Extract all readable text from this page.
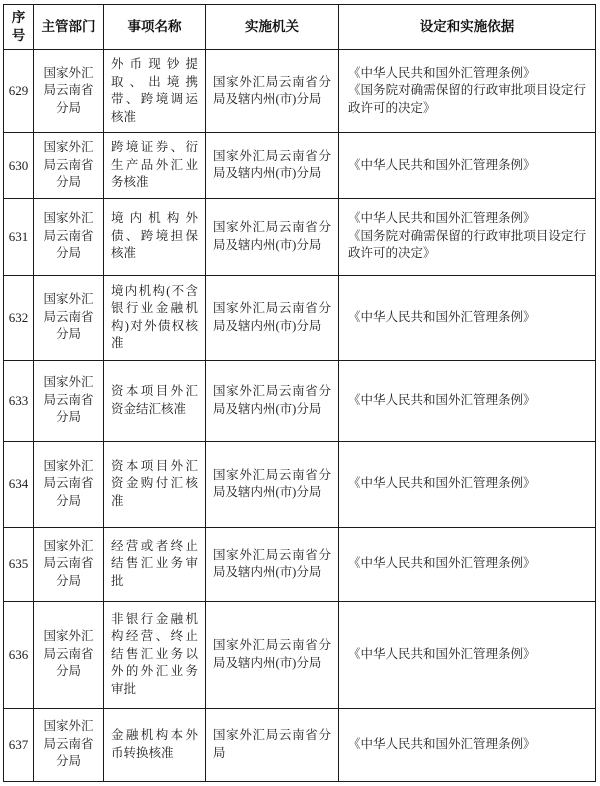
序号	主管部门	事项名称	实施机关	设定和实施依据
629	国家外汇局云南省分局	外币现钞提取、出境携带、跨境调运核准	国家外汇局云南省分局及辖内州(市)分局	《中华人民共和国外汇管理条例》
《国务院对确需保留的行政审批项目设定行政许可的决定》

630	国家外汇局云南省分局	跨境证券、衍生产品外汇业务核准	国家外汇局云南省分局及辖内州(市)分局	《中华人民共和国外汇管理条例》

631	国家外汇局云南省分局	境内机构外债、跨境担保核准	国家外汇局云南省分局及辖内州(市)分局	《中华人民共和国外汇管理条例》
《国务院对确需保留的行政审批项目设定行政许可的决定》

632	国家外汇局云南省分局	境内机构(不含银行业金融机构)对外债权核准	国家外汇局云南省分局及辖内州(市)分局	《中华人民共和国外汇管理条例》

633	国家外汇局云南省分局	资本项目外汇资金结汇核准	国家外汇局云南省分局及辖内州(市)分局	《中华人民共和国外汇管理条例》

634	国家外汇局云南省分局	资本项目外汇资金购付汇核准	国家外汇局云南省分局及辖内州(市)分局	《中华人民共和国外汇管理条例》

635	国家外汇局云南省分局	经营或者终止结售汇业务审批	国家外汇局云南省分局及辖内州(市)分局	《中华人民共和国外汇管理条例》

636	国家外汇局云南省分局	非银行金融机构经营、终止结售汇业务以外的外汇业务审批	国家外汇局云南省分局及辖内州(市)分局	《中华人民共和国外汇管理条例》

637	国家外汇局云南省分局	金融机构本外币转换核准	国家外汇局云南省分局	《中华人民共和国外汇管理条例》
